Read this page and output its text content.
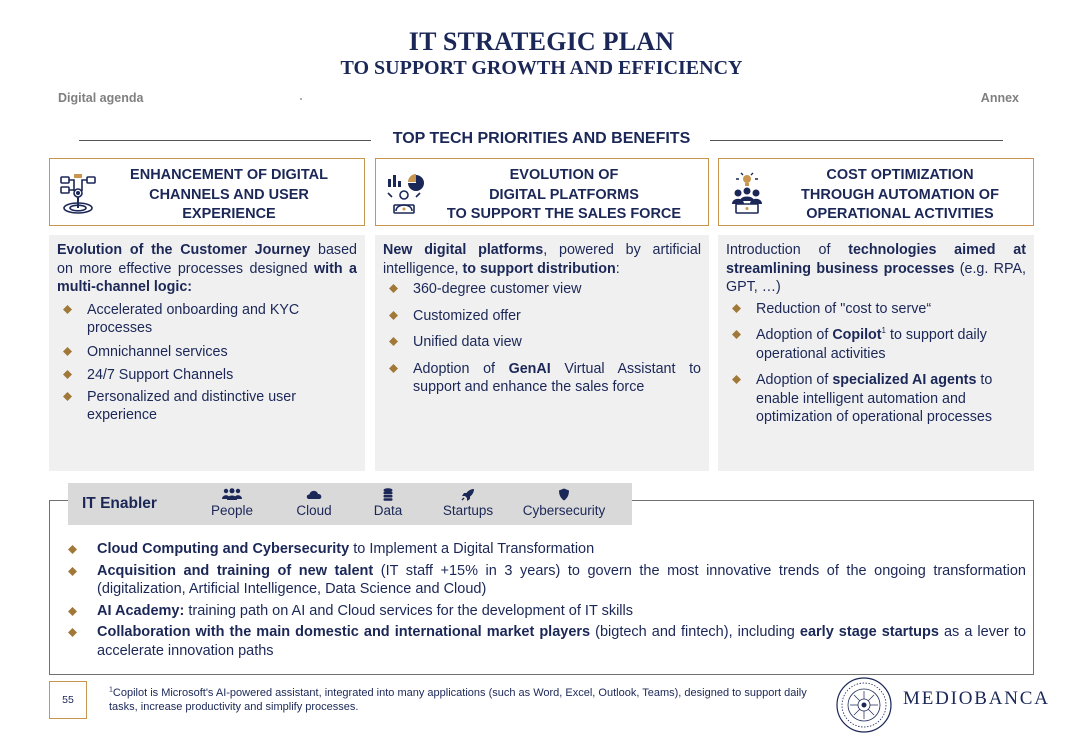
IT STRATEGIC PLAN
TO SUPPORT GROWTH AND EFFICIENCY
Digital agenda	Annex
TOP TECH PRIORITIES AND BENEFITS
ENHANCEMENT OF DIGITAL
CHANNELS AND USER
EXPERIENCE
EVOLUTION OF
DIGITAL PLATFORMS
TO SUPPORT THE SALES FORCE
COST OPTIMIZATION
THROUGH AUTOMATION OF
OPERATIONAL ACTIVITIES

Evolution of the Customer Journey based on more effective processes designed with a multi-channel logic:

Accelerated onboarding and KYC processes
Omnichannel services
24/7 Support Channels
Personalized and distinctive user experience

New digital platforms, powered by artificial intelligence, to support distribution:

360-degree customer view
Customized offer
Unified data view
Adoption of GenAI Virtual Assistant to support and enhance the sales force

Introduction of technologies aimed at streamlining business processes (e.g. RPA, GPT, …)

Reduction of "cost to serve“
Adoption of Copilot$^1$ to support daily operational activities
Adoption of specialized AI agents to enable intelligent automation and optimization of operational processes
IT Enabler	People	Cloud	Data	Startups	Cybersecurity
Cloud Computing and Cybersecurity to Implement a Digital Transformation
Acquisition and training of new talent (IT staff +15% in 3 years) to govern the most innovative trends of the ongoing transformation (digitalization, Artificial Intelligence, Data Science and Cloud)
AI Academy: training path on AI and Cloud services for the development of IT skills
Collaboration with the main domestic and international market players (bigtech and fintech), including early stage startups as a lever to accelerate innovation paths
55
$^1$Copilot is Microsoft's AI-powered assistant, integrated into many applications (such as Word, Excel, Outlook, Teams), designed to support daily tasks, increase productivity and simplify processes.	MEDIOBANCA
